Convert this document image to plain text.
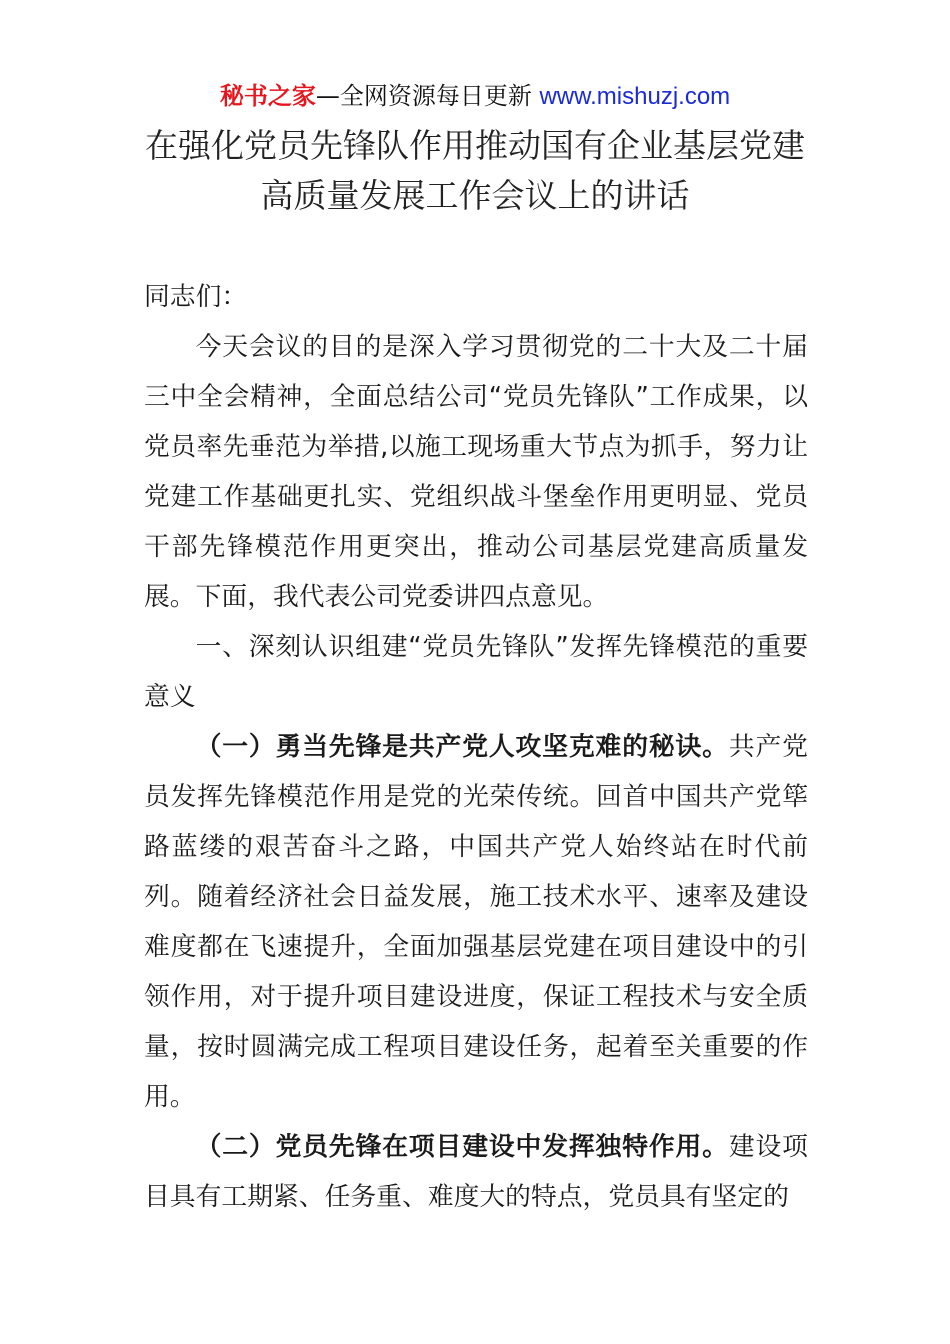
秘书之家—全网资源每日更新 www.mishuzj.com
在强化党员先锋队作用推动国有企业基层党建
高质量发展工作会议上的讲话

同志们：

今天会议的目的是深入学习贯彻党的二十大及二十届三中全会精神，全面总结公司“党员先锋队”工作成果，以党员率先垂范为举措,以施工现场重大节点为抓手，努力让党建工作基础更扎实、党组织战斗堡垒作用更明显、党员干部先锋模范作用更突出，推动公司基层党建高质量发展。下面，我代表公司党委讲四点意见。

一、深刻认识组建“党员先锋队”发挥先锋模范的重要意义

（一）勇当先锋是共产党人攻坚克难的秘诀。共产党员发挥先锋模范作用是党的光荣传统。回首中国共产党筚路蓝缕的艰苦奋斗之路，中国共产党人始终站在时代前列。随着经济社会日益发展，施工技术水平、速率及建设难度都在飞速提升，全面加强基层党建在项目建设中的引领作用，对于提升项目建设进度，保证工程技术与安全质量，按时圆满完成工程项目建设任务，起着至关重要的作用。

（二）党员先锋在项目建设中发挥独特作用。建设项目具有工期紧、任务重、难度大的特点，党员具有坚定的
